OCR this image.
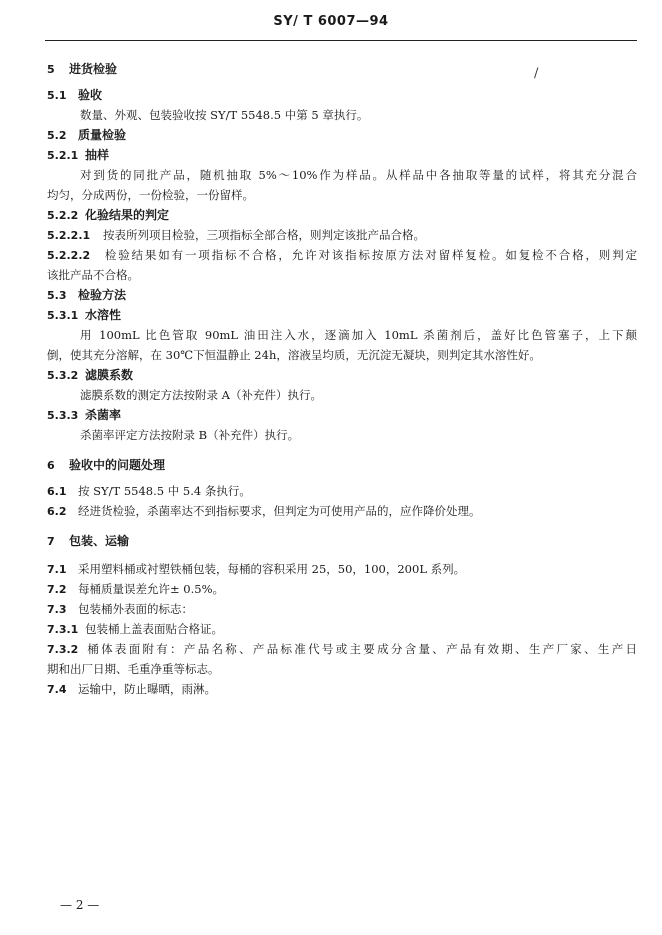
SY/ T 6007—94
/
5 进货检验
5.1 验收
数量、外观、包装验收按 SY/T 5548.5 中第 5 章执行。
5.2 质量检验
5.2.1 抽样
对到货的同批产品，随机抽取 5%～10%作为样品。从样品中各抽取等量的试样，将其充分混合
均匀，分成两份，一份检验，一份留样。
5.2.2 化验结果的判定
5.2.2.1 按表所列项目检验，三项指标全部合格，则判定该批产品合格。
5.2.2.2 检验结果如有一项指标不合格，允许对该指标按原方法对留样复检。如复检不合格，则判定
该批产品不合格。
5.3 检验方法
5.3.1 水溶性
用 100mL 比色管取 90mL 油田注入水，逐滴加入 10mL 杀菌剂后，盖好比色管塞子，上下颠
倒，使其充分溶解，在 30℃下恒温静止 24h，溶液呈均质，无沉淀无凝块，则判定其水溶性好。
5.3.2 滤膜系数
滤膜系数的测定方法按附录 A（补充件）执行。
5.3.3 杀菌率
杀菌率评定方法按附录 B（补充件）执行。
6 验收中的问题处理
6.1 按 SY/T 5548.5 中 5.4 条执行。
6.2 经进货检验，杀菌率达不到指标要求，但判定为可使用产品的，应作降价处理。
7 包装、运输
7.1 采用塑料桶或衬塑铁桶包装，每桶的容积采用 25，50，100，200L 系列。
7.2 每桶质量误差允许± 0.5%。
7.3 包装桶外表面的标志：
7.3.1 包装桶上盖表面贴合格证。
7.3.2 桶体表面附有：产品名称、产品标准代号或主要成分含量、产品有效期、生产厂家、生产日
期和出厂日期、毛重净重等标志。
7.4 运输中，防止曝晒，雨淋。
— 2 —
